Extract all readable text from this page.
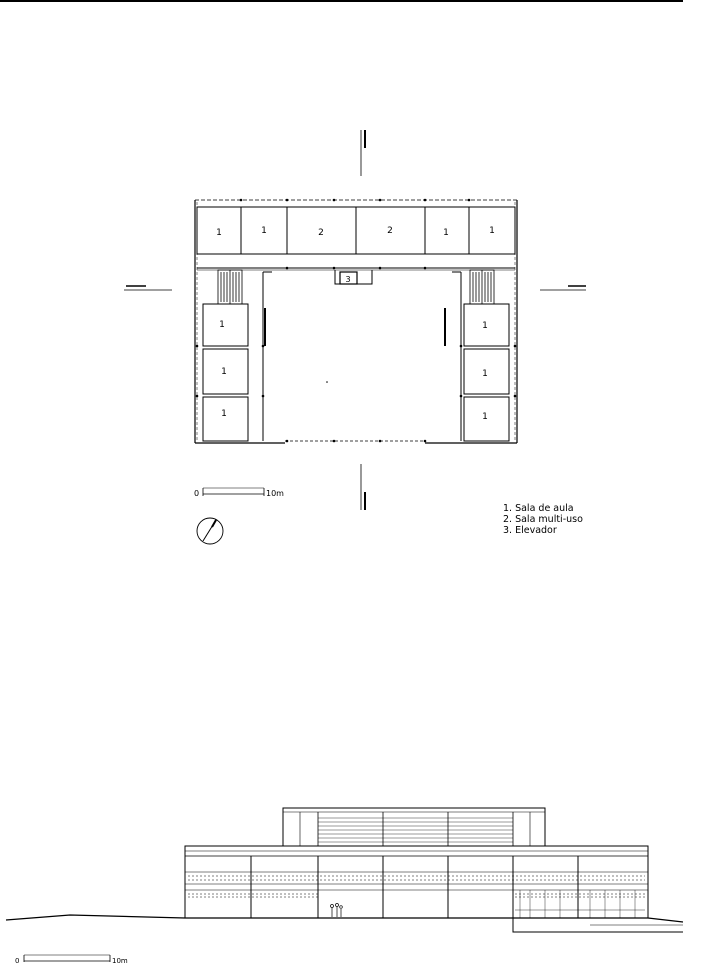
1	1	2	2	1	1
1
1
1
1
1
1
3
0	10m
1. Sala de aula
2. Sala multi-uso
3. Elevador
0	10m
